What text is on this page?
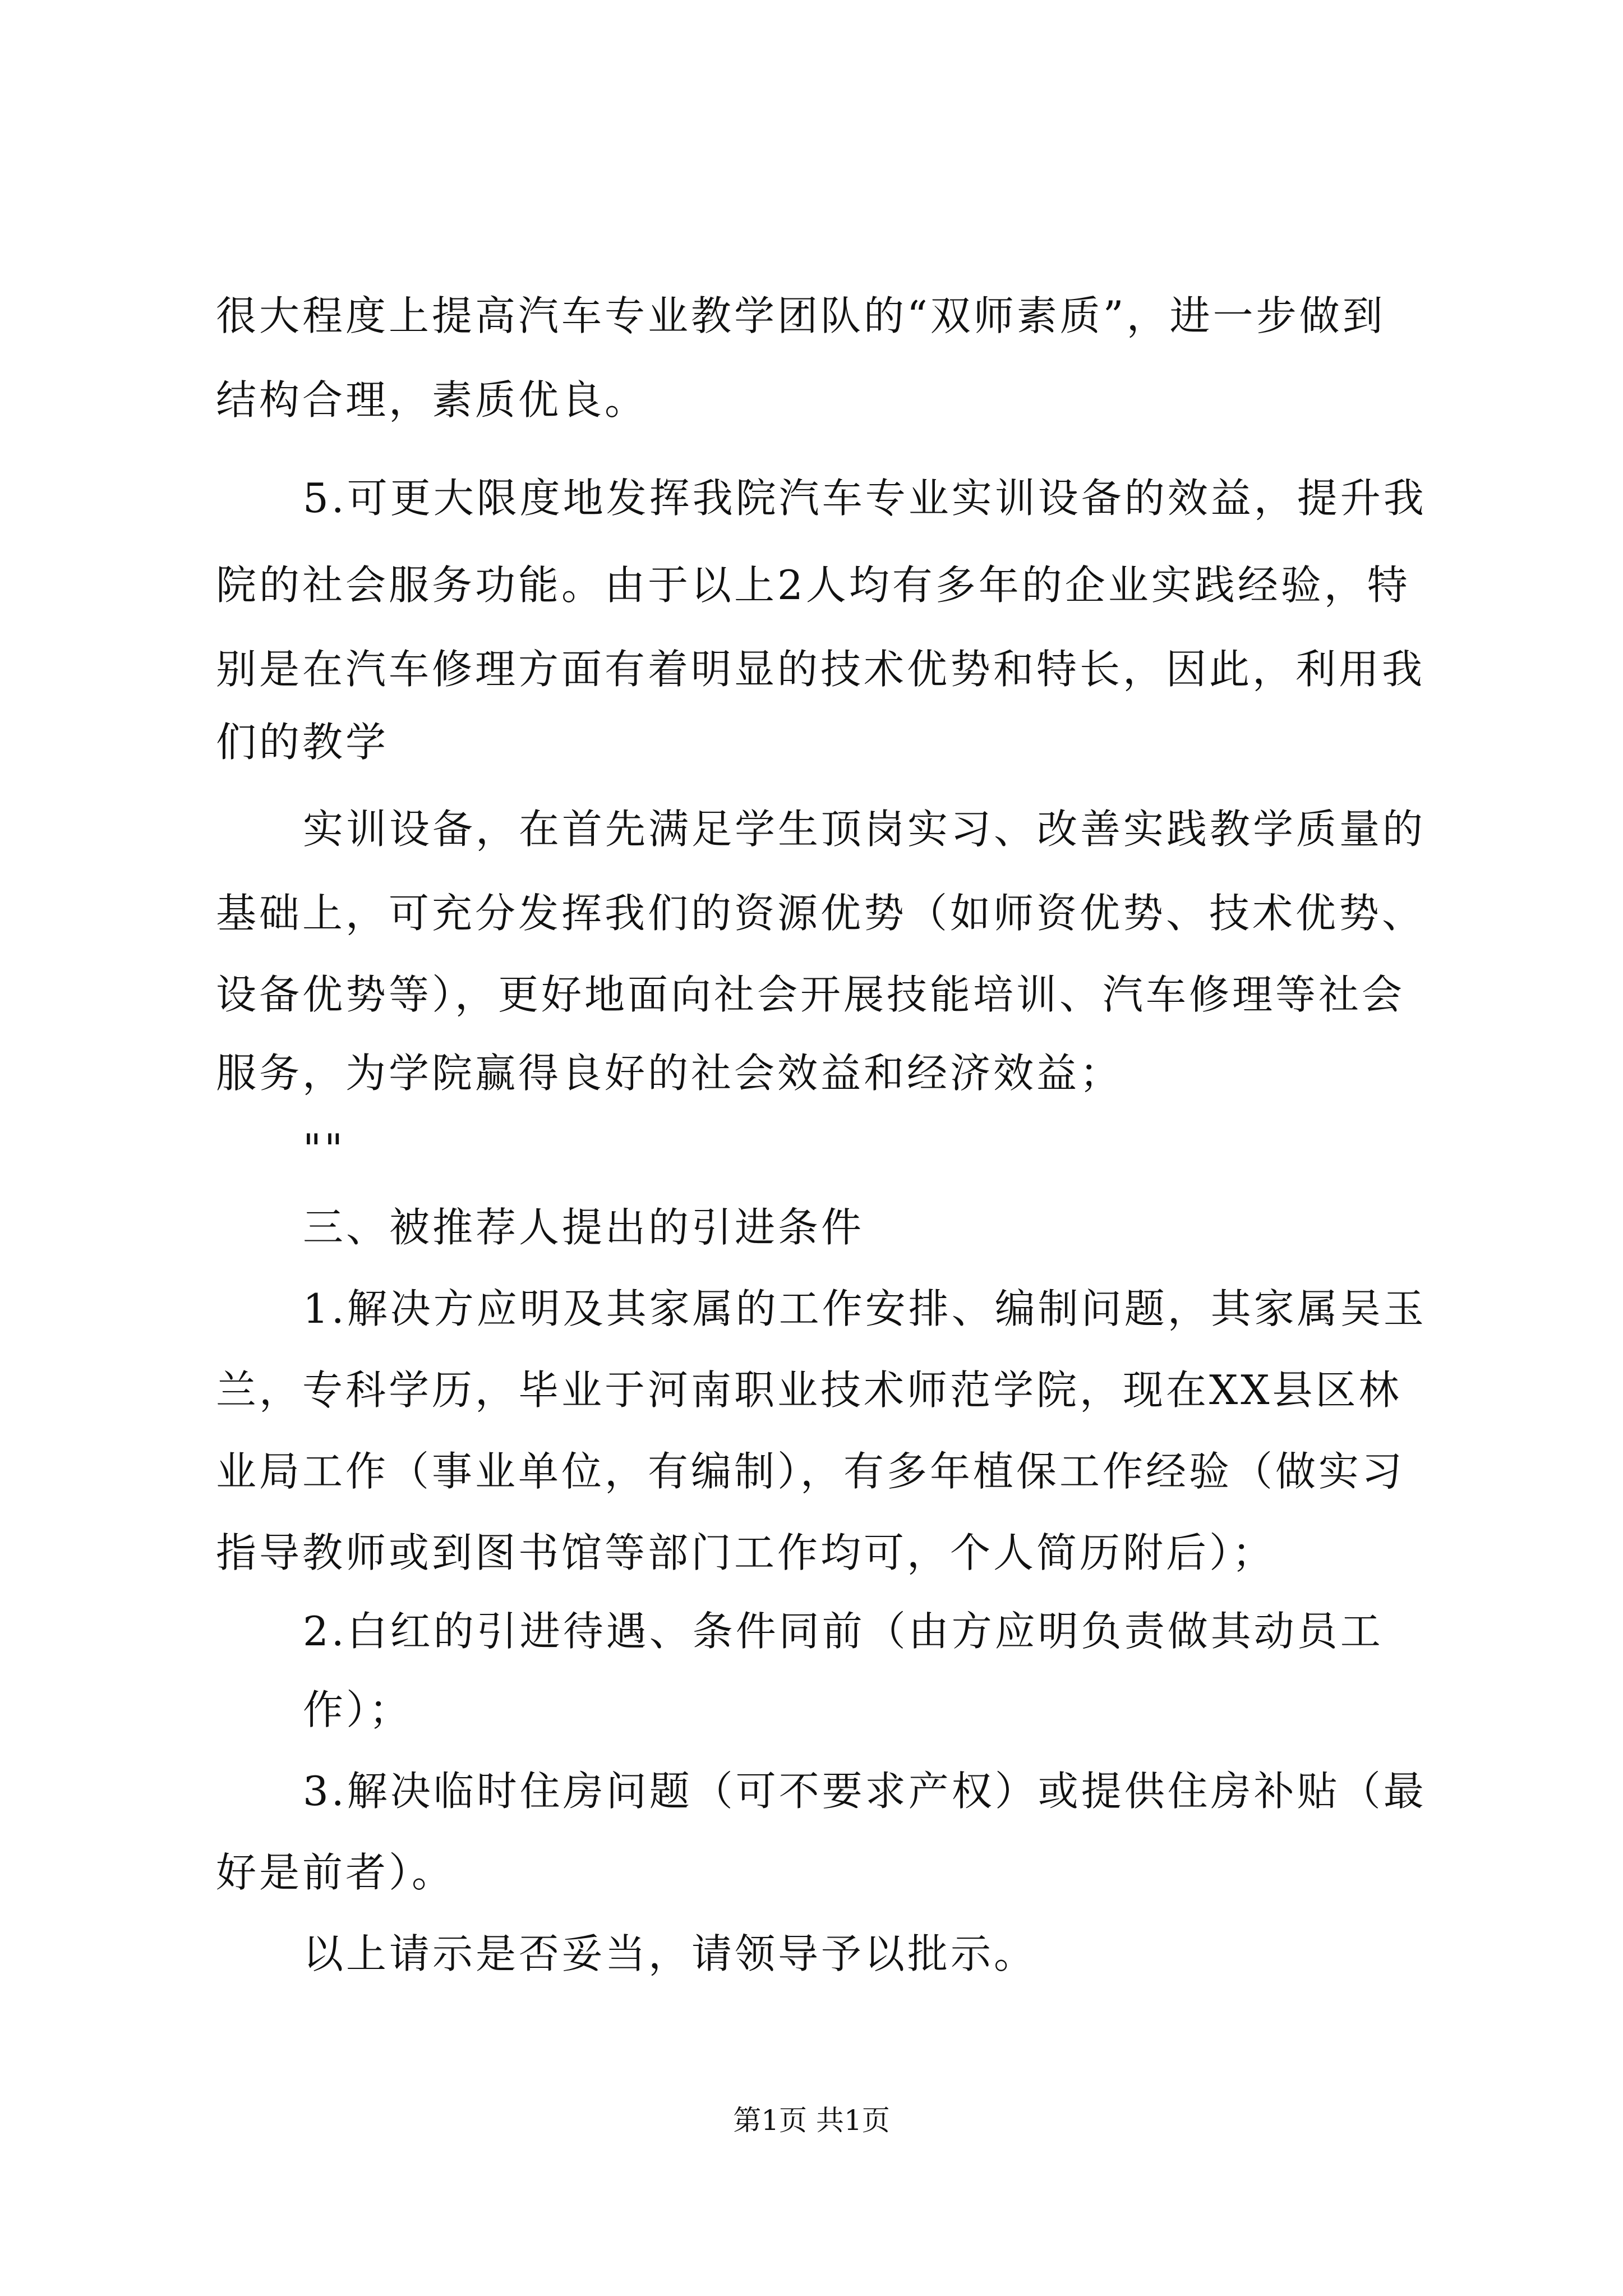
很大程度上提高汽车专业教学团队的“双师素质”，进一步做到
结构合理，素质优良。
5.可更大限度地发挥我院汽车专业实训设备的效益，提升我
院的社会服务功能。由于以上2人均有多年的企业实践经验，特
别是在汽车修理方面有着明显的技术优势和特长，因此，利用我
们的教学
实训设备，在首先满足学生顶岗实习、改善实践教学质量的
基础上，可充分发挥我们的资源优势（如师资优势、技术优势、
设备优势等），更好地面向社会开展技能培训、汽车修理等社会
服务，为学院赢得良好的社会效益和经济效益；
""
三、被推荐人提出的引进条件
1.解决方应明及其家属的工作安排、编制问题，其家属吴玉
兰，专科学历，毕业于河南职业技术师范学院，现在XX县区林
业局工作（事业单位，有编制），有多年植保工作经验（做实习
指导教师或到图书馆等部门工作均可，个人简历附后）；
2.白红的引进待遇、条件同前（由方应明负责做其动员工
作）；
3.解决临时住房问题（可不要求产权）或提供住房补贴（最
好是前者）。
以上请示是否妥当，请领导予以批示。
第1页 共1页
